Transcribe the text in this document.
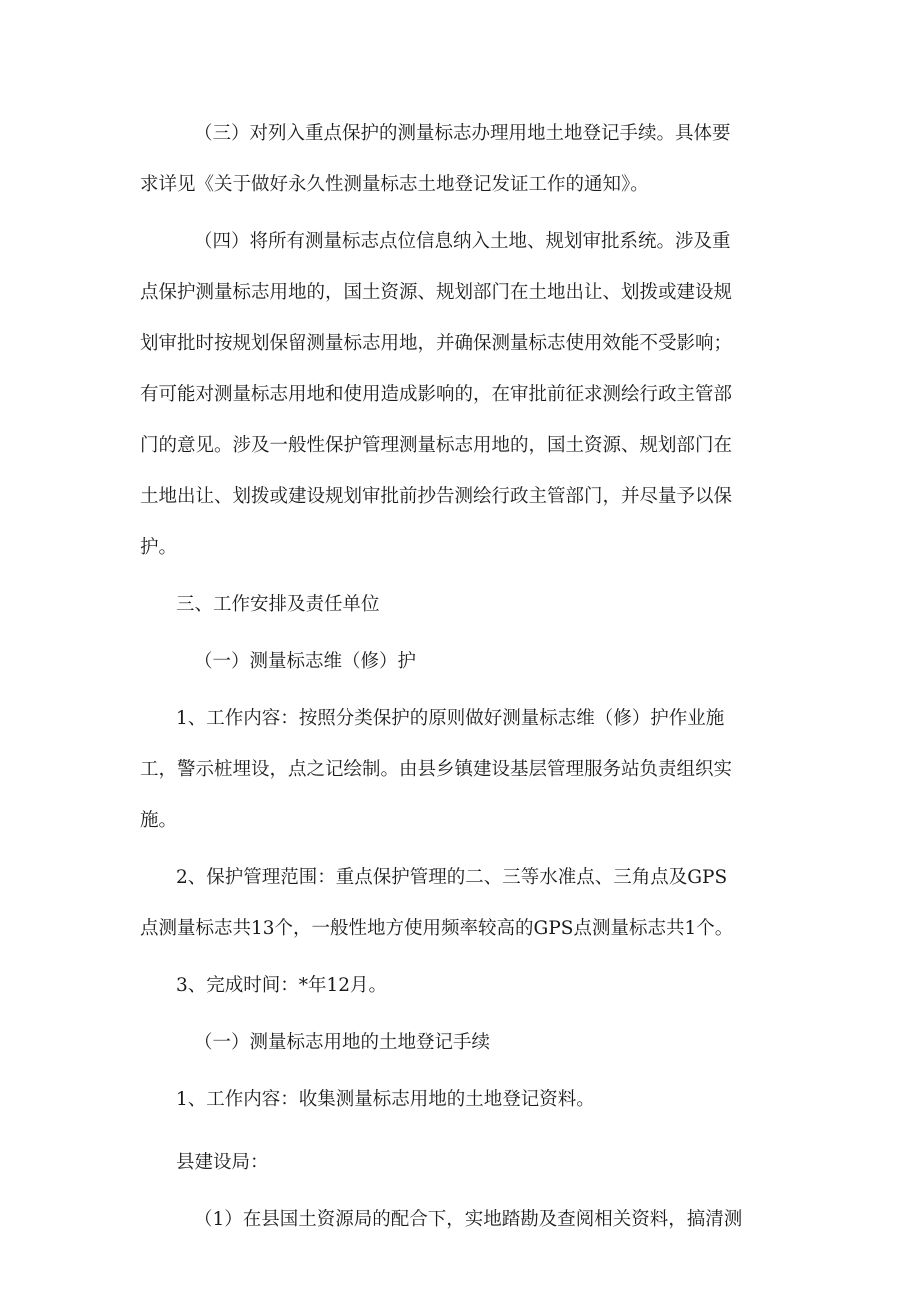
（三）对列入重点保护的测量标志办理用地土地登记手续。具体要
求详见《关于做好永久性测量标志土地登记发证工作的通知》。
（四）将所有测量标志点位信息纳入土地、规划审批系统。涉及重
点保护测量标志用地的，国土资源、规划部门在土地出让、划拨或建设规
划审批时按规划保留测量标志用地，并确保测量标志使用效能不受影响；
有可能对测量标志用地和使用造成影响的，在审批前征求测绘行政主管部
门的意见。涉及一般性保护管理测量标志用地的，国土资源、规划部门在
土地出让、划拨或建设规划审批前抄告测绘行政主管部门，并尽量予以保
护。
三、工作安排及责任单位
（一）测量标志维（修）护
1、工作内容：按照分类保护的原则做好测量标志维（修）护作业施
工，警示桩埋设，点之记绘制。由县乡镇建设基层管理服务站负责组织实
施。
2、保护管理范围：重点保护管理的二、三等水准点、三角点及GPS
点测量标志共13个，一般性地方使用频率较高的GPS点测量标志共1个。
3、完成时间：*年12月。
（一）测量标志用地的土地登记手续
1、工作内容：收集测量标志用地的土地登记资料。
县建设局：
（1）在县国土资源局的配合下，实地踏勘及查阅相关资料，搞清测
